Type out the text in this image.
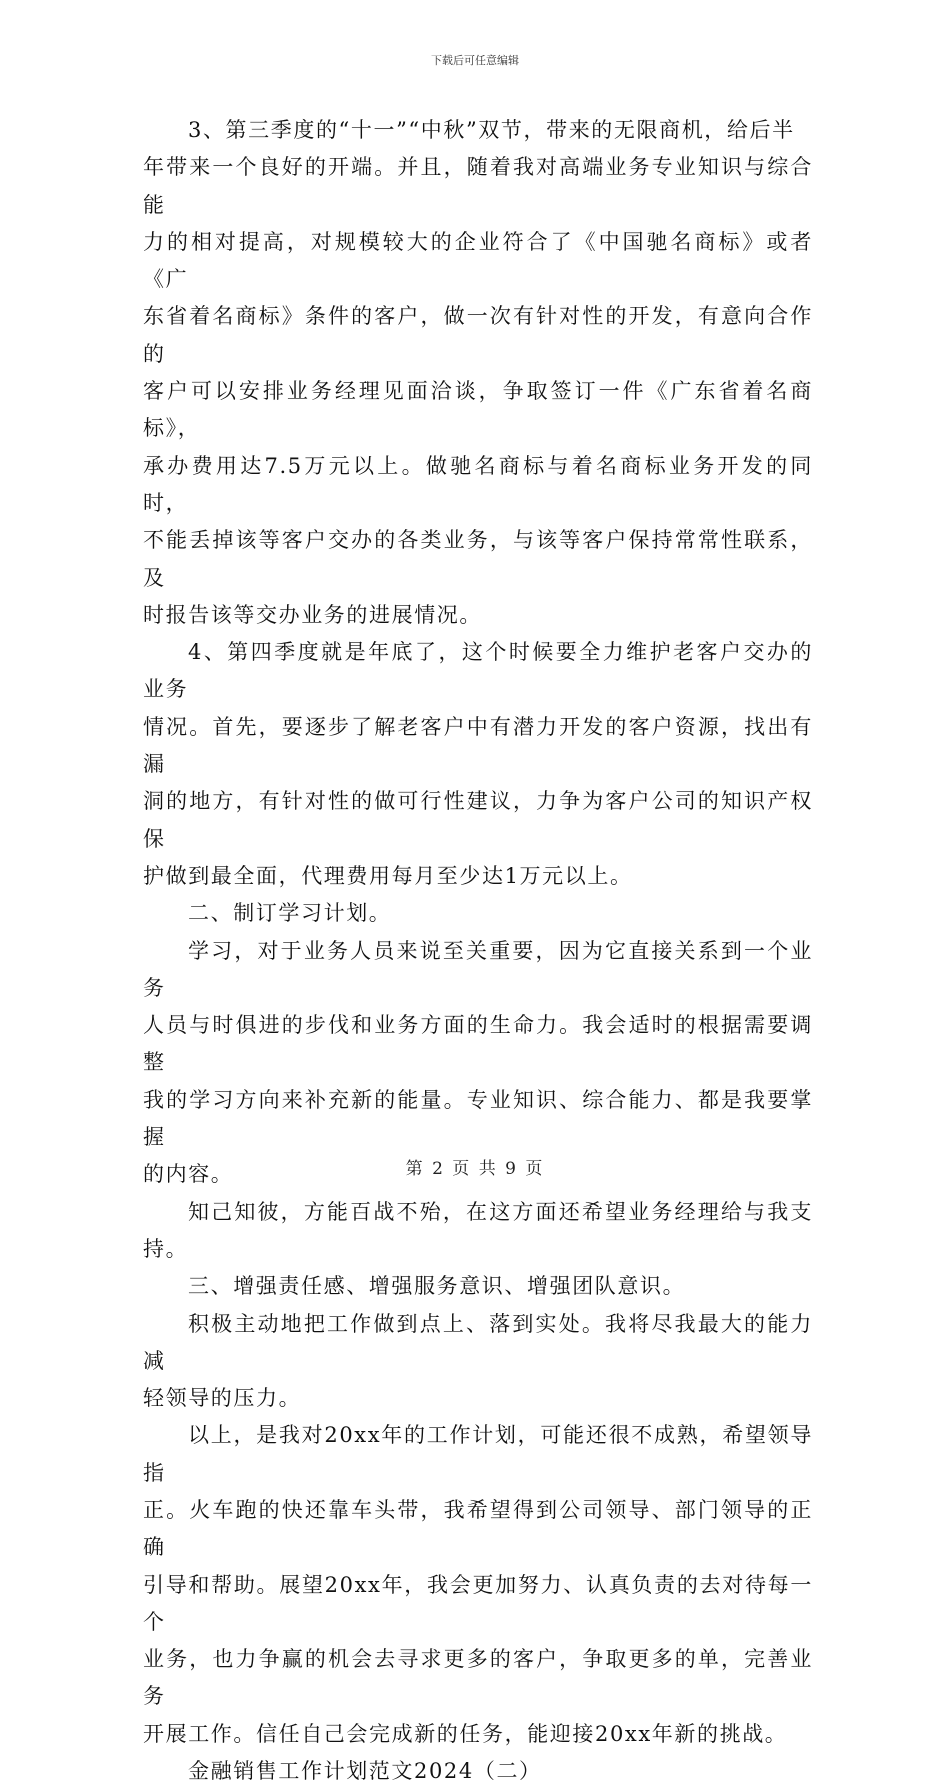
下载后可任意编辑

3、第三季度的“十一”“中秋”双节，带来的无限商机，给后半
年带来一个良好的开端。并且，随着我对高端业务专业知识与综合能
力的相对提高，对规模较大的企业符合了《中国驰名商标》或者《广
东省着名商标》条件的客户，做一次有针对性的开发，有意向合作的
客户可以安排业务经理见面洽谈，争取签订一件《广东省着名商标》，
承办费用达7.5万元以上。做驰名商标与着名商标业务开发的同时，
不能丢掉该等客户交办的各类业务，与该等客户保持常常性联系，及
时报告该等交办业务的进展情况。

4、第四季度就是年底了，这个时候要全力维护老客户交办的业务
情况。首先，要逐步了解老客户中有潜力开发的客户资源，找出有漏
洞的地方，有针对性的做可行性建议，力争为客户公司的知识产权保
护做到最全面，代理费用每月至少达1万元以上。

二、制订学习计划。

学习，对于业务人员来说至关重要，因为它直接关系到一个业务
人员与时俱进的步伐和业务方面的生命力。我会适时的根据需要调整
我的学习方向来补充新的能量。专业知识、综合能力、都是我要掌握
的内容。

知己知彼，方能百战不殆，在这方面还希望业务经理给与我支持。

三、增强责任感、增强服务意识、增强团队意识。

积极主动地把工作做到点上、落到实处。我将尽我最大的能力减
轻领导的压力。

以上，是我对20xx年的工作计划，可能还很不成熟，希望领导指
正。火车跑的快还靠车头带，我希望得到公司领导、部门领导的正确
引导和帮助。展望20xx年，我会更加努力、认真负责的去对待每一个
业务，也力争赢的机会去寻求更多的客户，争取更多的单，完善业务
开展工作。信任自己会完成新的任务，能迎接20xx年新的挑战。

金融销售工作计划范文2024（二）

第 2 页 共 9 页
